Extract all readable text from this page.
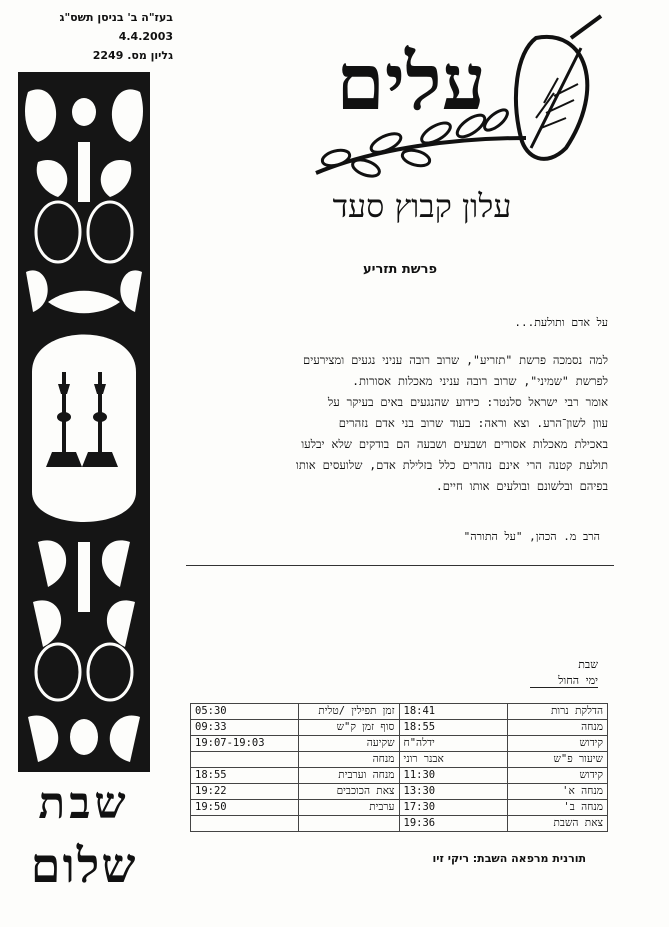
בעז"ה ב' בניסן תשס"ג
4.4.2003
גליון מס. 2249
שבת
שלום
עלים
עלון קבוץ סעד
פרשת תזריע
על אדם ותולעת...

למה נסמכה פרשת "תזריע", שרוב רובה עניני נגעים ומצירעים

לפרשת "שמיני", שרוב רובה עניני מאכלות אסורות.

אומר רבי ישראל סלנטר: כידוע שהנגעים באים בעיקר על

עוון לשון־הרע. וצא וראה: בעוד שרוב בני אדם נזהרים

באכילת מאכלות אסורים ושבעים ושבעה הם בודקים שלא יבלעו

תולעת קטנה הרי אינם נזהרים כלל בזלילת אדם, שלועסים אותו

בפיהם ובלשונם ובולעים אותו חיים.

הרב מ. הכהן, "על התורה"
שבת
ימי החול
הדלקת נרות	18:41	זמן תפילין /טלית	05:30
מנחה	18:55	סוף זמן ק"ש	09:33
קידוש	ידלה"ח	שקיעה	19:07-19:03
שיעור פ"ש	אבנר רוני	מנחה	
קידוש	11:30	מנחה וערבית	18:55
מנחה א'	13:30	צאת הכוכבים	19:22
מנחה ב'	17:30	ערבית	19:50
צאת השבת	19:36		
תורנית מרפאה השבת: ריקי זיו
